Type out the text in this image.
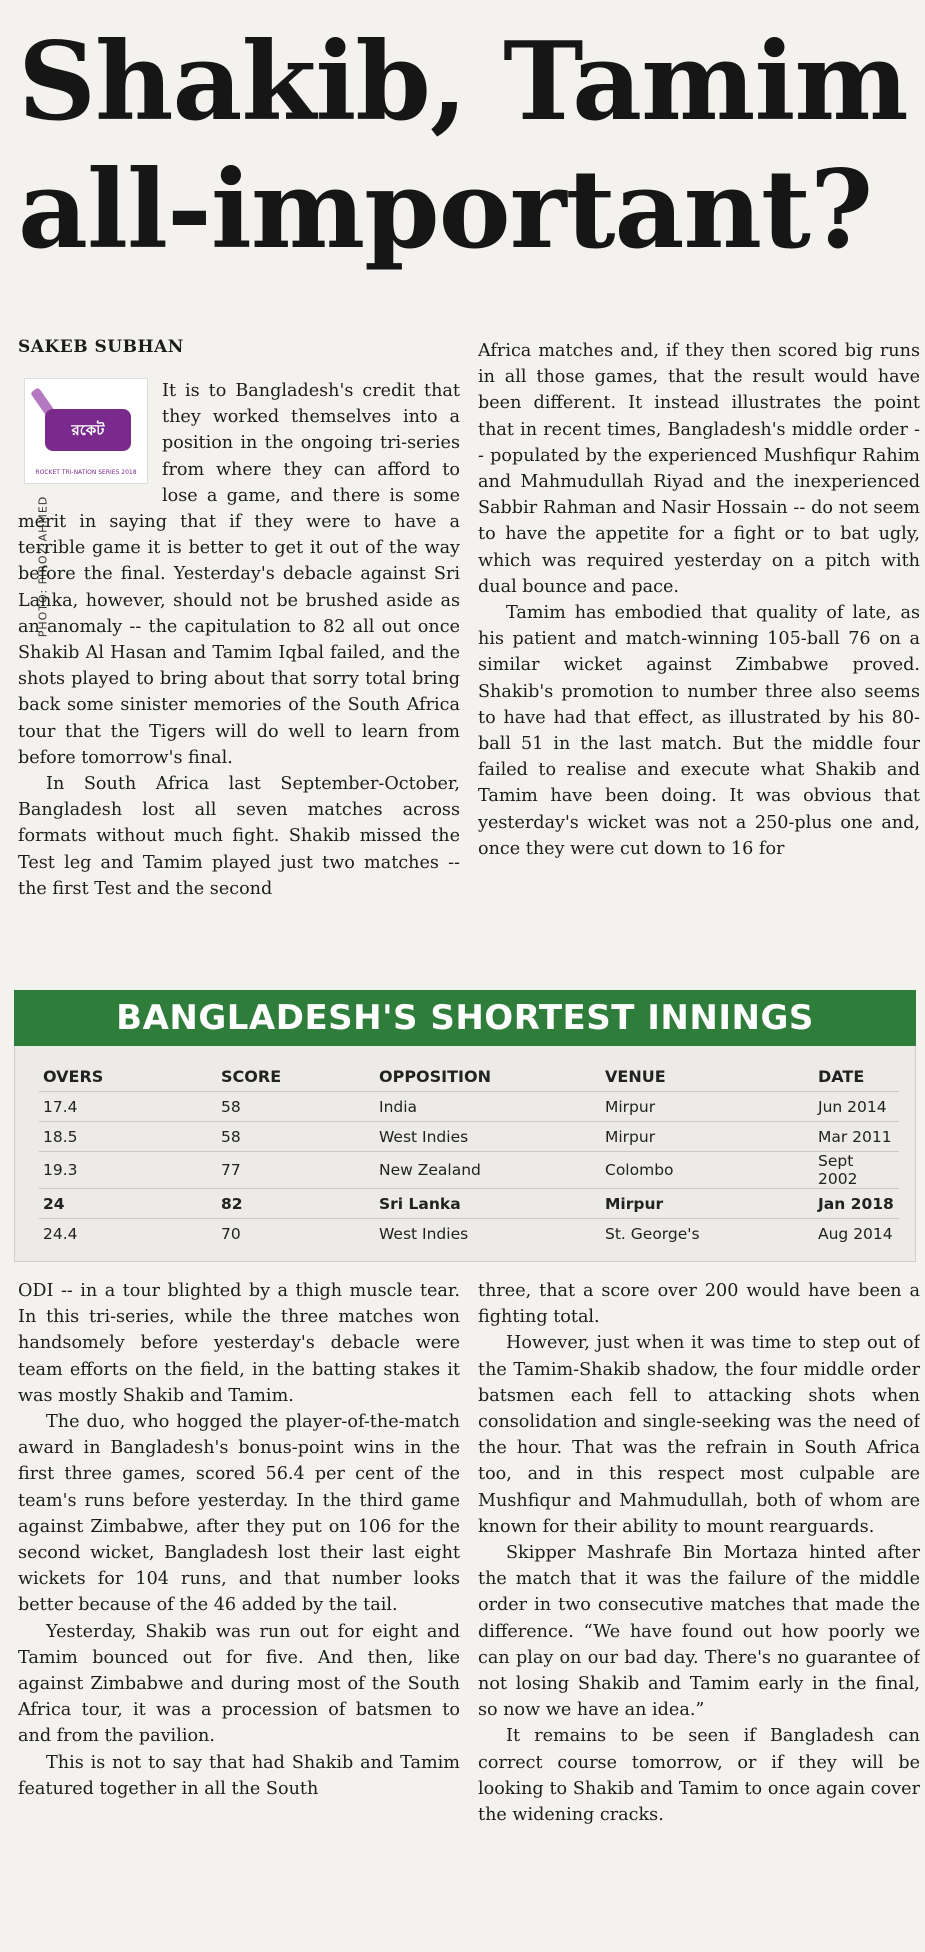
Shakib, Tamim
all-important?
PHOTO: FIROZ AHMED
SAKEB SUBHAN
রকেট
ROCKET TRI-NATION SERIES 2018

It is to Bangladesh's credit that they worked themselves into a position in the ongoing tri-series from where they can afford to lose a game, and there is some merit in saying that if they were to have a terrible game it is better to get it out of the way before the final. Yesterday's debacle against Sri Lanka, however, should not be brushed aside as an anomaly -- the capitulation to 82 all out once Shakib Al Hasan and Tamim Iqbal failed, and the shots played to bring about that sorry total bring back some sinister memories of the South Africa tour that the Tigers will do well to learn from before tomorrow's final.

In South Africa last September-October, Bangladesh lost all seven matches across formats without much fight. Shakib missed the Test leg and Tamim played just two matches -- the first Test and the second

Africa matches and, if they then scored big runs in all those games, that the result would have been different. It instead illustrates the point that in recent times, Bangladesh's middle order -- populated by the experienced Mushfiqur Rahim and Mahmudullah Riyad and the inexperienced Sabbir Rahman and Nasir Hossain -- do not seem to have the appetite for a fight or to bat ugly, which was required yesterday on a pitch with dual bounce and pace.

Tamim has embodied that quality of late, as his patient and match-winning 105-ball 76 on a similar wicket against Zimbabwe proved. Shakib's promotion to number three also seems to have had that effect, as illustrated by his 80-ball 51 in the last match. But the middle four failed to realise and execute what Shakib and Tamim have been doing. It was obvious that yesterday's wicket was not a 250-plus one and, once they were cut down to 16 for

OVERS	SCORE	OPPOSITION	VENUE	DATE
17.4	58	India	Mirpur	Jun 2014
18.5	58	West Indies	Mirpur	Mar 2011
19.3	77	New Zealand	Colombo	Sept 2002
24	82	Sri Lanka	Mirpur	Jan 2018
24.4	70	West Indies	St. George's	Aug 2014
BANGLADESH'S SHORTEST INNINGS

ODI -- in a tour blighted by a thigh muscle tear. In this tri-series, while the three matches won handsomely before yesterday's debacle were team efforts on the field, in the batting stakes it was mostly Shakib and Tamim.

The duo, who hogged the player-of-the-match award in Bangladesh's bonus-point wins in the first three games, scored 56.4 per cent of the team's runs before yesterday. In the third game against Zimbabwe, after they put on 106 for the second wicket, Bangladesh lost their last eight wickets for 104 runs, and that number looks better because of the 46 added by the tail.

Yesterday, Shakib was run out for eight and Tamim bounced out for five. And then, like against Zimbabwe and during most of the South Africa tour, it was a procession of batsmen to and from the pavilion.

This is not to say that had Shakib and Tamim featured together in all the South

three, that a score over 200 would have been a fighting total.

However, just when it was time to step out of the Tamim-Shakib shadow, the four middle order batsmen each fell to attacking shots when consolidation and single-seeking was the need of the hour. That was the refrain in South Africa too, and in this respect most culpable are Mushfiqur and Mahmudullah, both of whom are known for their ability to mount rearguards.

Skipper Mashrafe Bin Mortaza hinted after the match that it was the failure of the middle order in two consecutive matches that made the difference. “We have found out how poorly we can play on our bad day. There's no guarantee of not losing Shakib and Tamim early in the final, so now we have an idea.”

It remains to be seen if Bangladesh can correct course tomorrow, or if they will be looking to Shakib and Tamim to once again cover the widening cracks.
